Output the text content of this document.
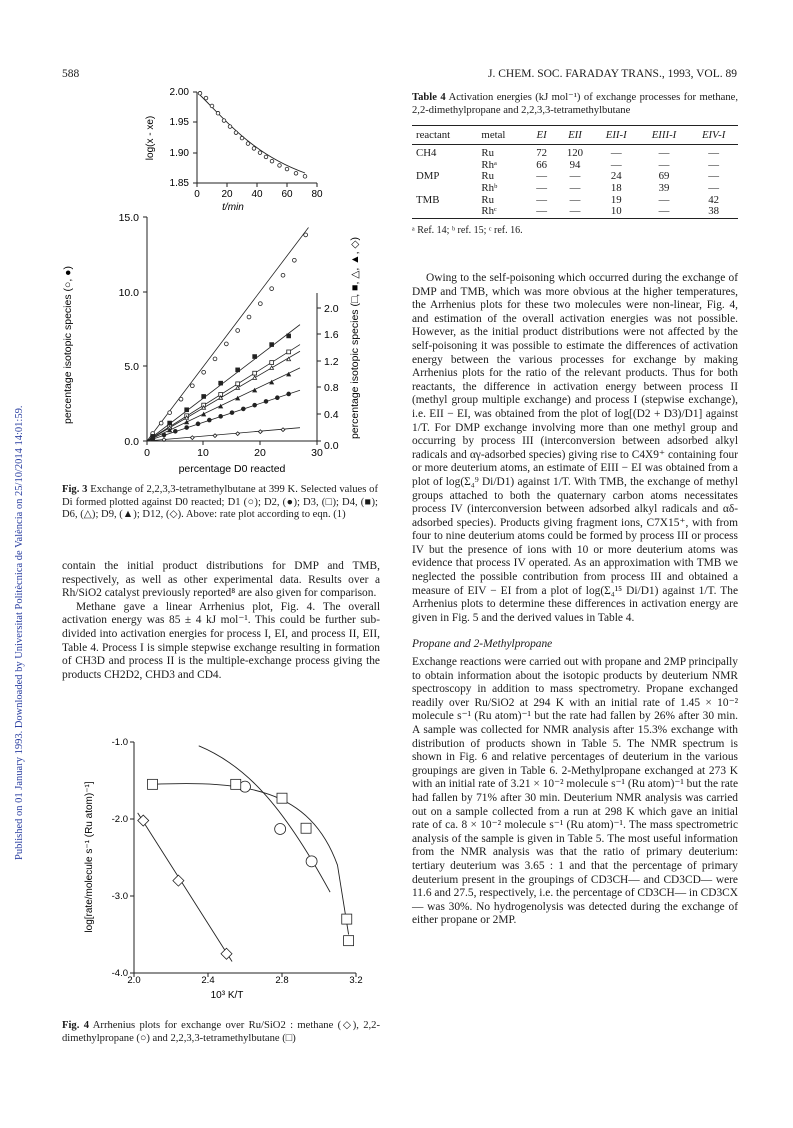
588	J. CHEM. SOC. FARADAY TRANS., 1993, VOL. 89
Published on 01 January 1993. Downloaded by Universitat Politècnica de València on 25/10/2014 14:01:59.
2.00
1.95
1.90
1.85
0 20 40 60 80
t/min
log(x - xe)
15.0
10.0
5.0
0.0
2.0
1.6
1.2
0.8
0.4
0.0
0	10	20	30
percentage D0 reacted
percentage isotopic species (○, ●)	percentage isotopic species (□, ■, △, ▲, ◇)
Fig. 3 Exchange of 2,2,3,3-tetramethylbutane at 399 K. Selected values of Di formed plotted against D0 reacted; D1 (○); D2, (●); D3, (□); D4, (■); D6, (△); D9, (▲); D12, (◇). Above: rate plot according to eqn. (1)

contain the initial product distributions for DMP and TMB, respectively, as well as other experimental data. Results over a Rh/SiO2 catalyst previously reported⁸ are also given for comparison.

Methane gave a linear Arrhenius plot, Fig. 4. The overall activation energy was 85 ± 4 kJ mol⁻¹. This could be further sub-divided into activation energies for process I, EI, and process II, EII, Table 4. Process I is simple stepwise exchange resulting in formation of CH3D and process II is the multiple-exchange process giving the products CH2D2, CHD3 and CD4.

-1.0
-2.0
-3.0
-4.0
2.0	2.4	2.8	3.2
10³ K/T
log[rate/molecule s⁻¹ (Ru atom)⁻¹]
Fig. 4 Arrhenius plots for exchange over Ru/SiO2 : methane (◇), 2,2-dimethylpropane (○) and 2,2,3,3-tetramethylbutane (□)
Table 4 Activation energies (kJ mol⁻¹) of exchange processes for methane, 2,2-dimethylpropane and 2,2,3,3-tetramethylbutane
reactant	metal	EI	EII	EII-I	EIII-I	EIV-I
CH4	Ru	72	120	—	—	—
	Rhᵃ	66	94	—	—	—
DMP	Ru	—	—	24	69	—
	Rhᵇ	—	—	18	39	—
TMB	Ru	—	—	19	—	42
	Rhᶜ	—	—	10	—	38
ᵃ Ref. 14; ᵇ ref. 15; ᶜ ref. 16.

Owing to the self-poisoning which occurred during the exchange of DMP and TMB, which was more obvious at the higher temperatures, the Arrhenius plots for these two molecules were non-linear, Fig. 4, and estimation of the overall activation energies was not possible. However, as the initial product distributions were not affected by the self-poisoning it was possible to estimate the differences of activation energy between the various processes for exchange by making Arrhenius plots for the ratio of the relevant products. Thus for both reactants, the difference in activation energy between process II (methyl group multiple exchange) and process I (stepwise exchange), i.e. EII − EI, was obtained from the plot of log[(D2 + D3)/D1] against 1/T. For DMP exchange involving more than one methyl group and occurring by process III (interconversion between adsorbed alkyl radicals and αγ-adsorbed species) giving rise to C4X9⁺ containing four or more deuterium atoms, an estimate of EIII − EI was obtained from a plot of log(Σ₄⁹ Di/D1) against 1/T. With TMB, the exchange of methyl groups attached to both the quaternary carbon atoms necessitates process IV (interconversion between adsorbed alkyl radicals and αδ-adsorbed species). Products giving fragment ions, C7X15⁺, with from four to nine deuterium atoms could be formed by process III or process IV but the presence of ions with 10 or more deuterium atoms was evidence that process IV operated. As an approximation with TMB we neglected the possible contribution from process III and obtained a measure of EIV − EI from a plot of log(Σ₄¹⁵ Di/D1) against 1/T. The Arrhenius plots to determine these differences in activation energy are given in Fig. 5 and the derived values in Table 4.

Propane and 2-Methylpropane

Exchange reactions were carried out with propane and 2MP principally to obtain information about the isotopic products by deuterium NMR spectroscopy in addition to mass spectrometry. Propane exchanged readily over Ru/SiO2 at 294 K with an initial rate of 1.45 × 10⁻² molecule s⁻¹ (Ru atom)⁻¹ but the rate had fallen by 26% after 30 min. A sample was collected for NMR analysis after 15.3% exchange with distribution of products shown in Table 5. The NMR spectrum is shown in Fig. 6 and relative percentages of deuterium in the various groupings are given in Table 6. 2-Methylpropane exchanged at 273 K with an initial rate of 3.21 × 10⁻² molecule s⁻¹ (Ru atom)⁻¹ but the rate had fallen by 71% after 30 min. Deuterium NMR analysis was carried out on a sample collected from a run at 298 K which gave an initial rate of ca. 8 × 10⁻² molecule s⁻¹ (Ru atom)⁻¹. The mass spectrometric analysis of the sample is given in Table 5. The most useful information from the NMR analysis was that the ratio of primary deuterium: tertiary deuterium was 3.65 : 1 and that the percentage of primary deuterium present in the groupings of CD3CH— and CD3CD— were 11.6 and 27.5, respectively, i.e. the percentage of CD3CH— in CD3CX— was 30%. No hydrogenolysis was detected during the exchange of either propane or 2MP.
